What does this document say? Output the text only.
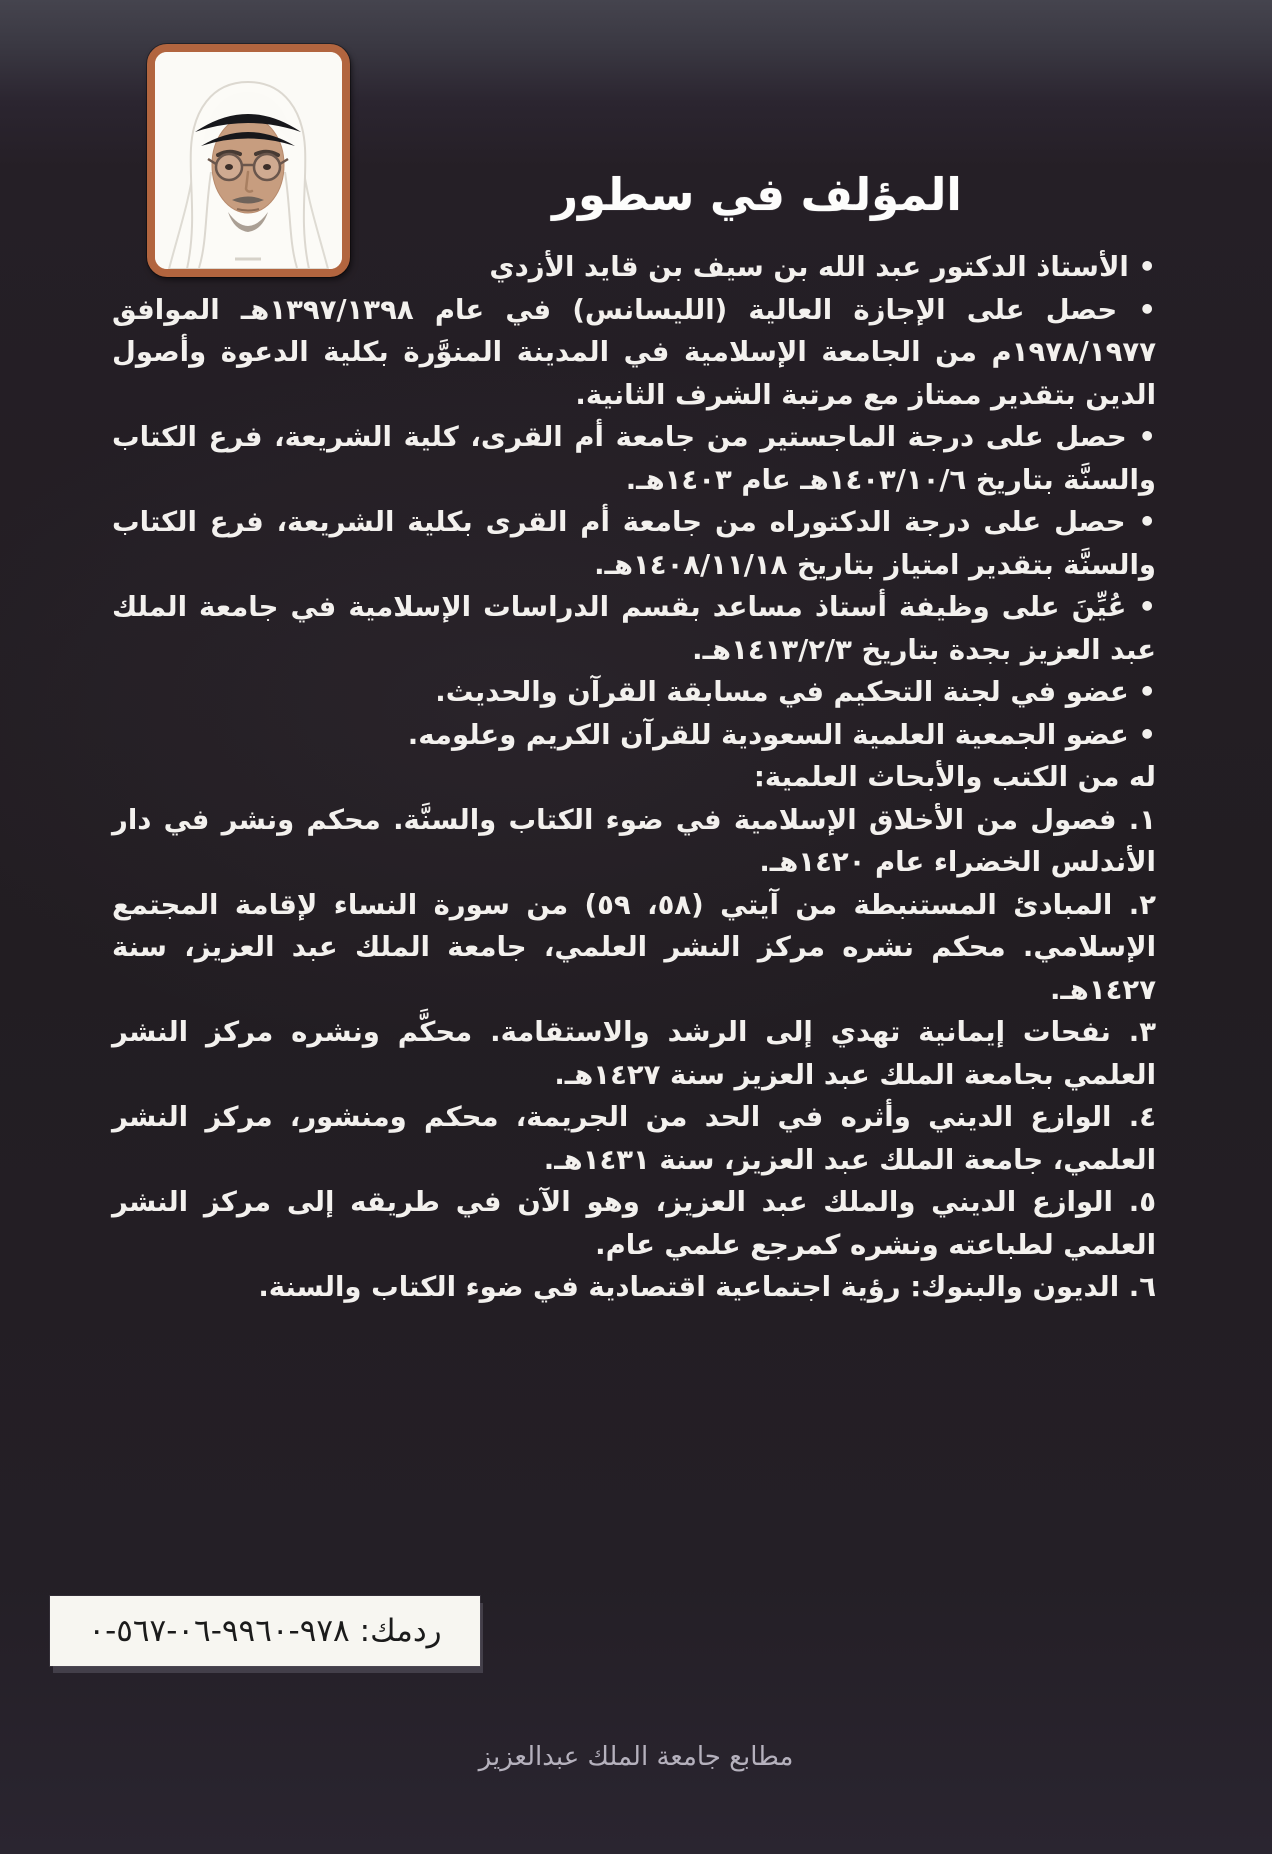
المؤلف في سطور

• الأستاذ الدكتور عبد الله بن سيف بن قايد الأزدي

• حصل على الإجازة العالية (الليسانس) في عام ١٣٩٧/١٣٩٨هـ الموافق ١٩٧٨/١٩٧٧م من الجامعة الإسلامية في المدينة المنوَّرة بكلية الدعوة وأصول الدين بتقدير ممتاز مع مرتبة الشرف الثانية.

• حصل على درجة الماجستير من جامعة أم القرى، كلية الشريعة، فرع الكتاب والسنَّة بتاريخ ١٤٠٣/١٠/٦هـ عام ١٤٠٣هـ.

• حصل على درجة الدكتوراه من جامعة أم القرى بكلية الشريعة، فرع الكتاب والسنَّة بتقدير امتياز بتاريخ ١٤٠٨/١١/١٨هـ.

• عُيِّنَ على وظيفة أستاذ مساعد بقسم الدراسات الإسلامية في جامعة الملك عبد العزيز بجدة بتاريخ ١٤١٣/٢/٣هـ.

• عضو في لجنة التحكيم في مسابقة القرآن والحديث.

• عضو الجمعية العلمية السعودية للقرآن الكريم وعلومه.

له من الكتب والأبحاث العلمية:

١. فصول من الأخلاق الإسلامية في ضوء الكتاب والسنَّة. محكم ونشر في دار الأندلس الخضراء عام ١٤٢٠هـ.

٢. المبادئ المستنبطة من آيتي (٥٨، ٥٩) من سورة النساء لإقامة المجتمع الإسلامي. محكم نشره مركز النشر العلمي، جامعة الملك عبد العزيز، سنة ١٤٢٧هـ.

٣. نفحات إيمانية تهدي إلى الرشد والاستقامة. محكَّم ونشره مركز النشر العلمي بجامعة الملك عبد العزيز سنة ١٤٢٧هـ.

٤. الوازع الديني وأثره في الحد من الجريمة، محكم ومنشور، مركز النشر العلمي، جامعة الملك عبد العزيز، سنة ١٤٣١هـ.

٥. الوازع الديني والملك عبد العزيز، وهو الآن في طريقه إلى مركز النشر العلمي لطباعته ونشره كمرجع علمي عام.

٦. الديون والبنوك: رؤية اجتماعية اقتصادية في ضوء الكتاب والسنة.

ردمك:
٩٧٨-٩٩٦٠-٠٦-٥٦٧-٠
مطابع جامعة الملك عبدالعزيز
